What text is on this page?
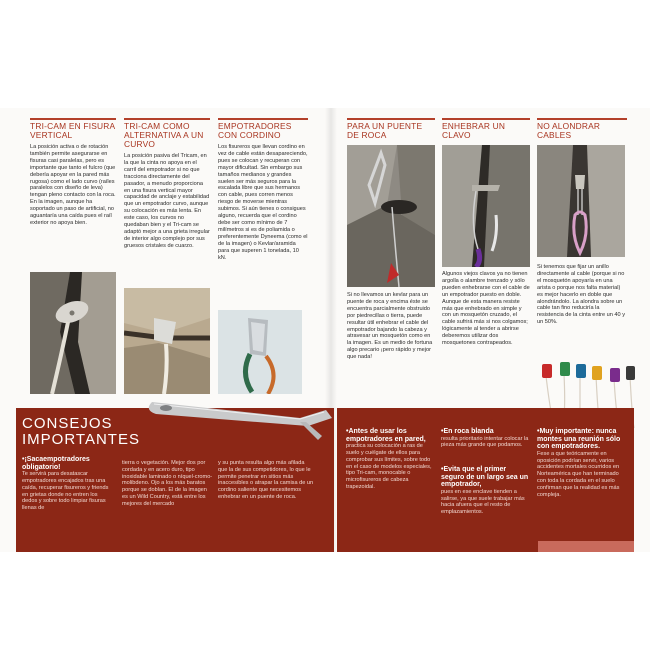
TRI-CAM EN FISURA VERTICAL

La posición activa o de rotación también permite asegurarse en fisuras casi paralelas, pero es importante que tanto el fulcro (que debería apoyar en la pared más rugosa) como el lado curvo (raíles paralelos con diseño de leva) tengan pleno contacto con la roca. En la imagen, aunque ha soportado un paso de artificial, no aguantaría una caída pues el raíl exterior no apoya bien.

TRI-CAM COMO ALTERNATIVA A UN CURVO

La posición pasiva del Tricam, en la que la cinta no apoya en el carril del empotrador si no que tracciona directamente del pasador, a menudo proporciona en una fisura vertical mayor capacidad de anclaje y estabilidad que un empotrador curvo, aunque su colocación es más lenta. En este caso, los curvos no quedaban bien y el Tri-cam se adaptó mejor a una grieta irregular de interior algo complejo por sus gruesos cristales de cuarzo.

EMPOTRADORES CON CORDINO

Los fisureros que llevan cordino en vez de cable están desapareciendo, pues se colocan y recuperan con mayor dificultad. Sin embargo sus tamaños medianos y grandes suelen ser más seguros para la escalada libre que sus hermanos con cable, pues corren menos riesgo de moverse mientras subimos. Si aún tienes o consigues alguno, recuerda que el cordino debe ser como mínimo de 7 milímetros si es de poliamida o preferentemente Dyneema (como el de la imagen) o Kevlar/aramida para que superen 1 tonelada, 10 kN.

PARA UN PUENTE DE ROCA

Si no llevamos un kevlar para un puente de roca y encima éste se encuentra parcialmente obstruido por piedrecillas o tierra, puede resultar útil enhebrar el cable del empotrador bajando la cabeza y atravesar un mosquetón como en la imagen. Es un medio de fortuna algo precario ¡pero rápido y mejor que nada!

ENHEBRAR UN CLAVO

Algunos viejos clavos ya no tienen argolla o alambre trenzado y sólo pueden enhebrarse con el cable de un empotrador puesto en doble. Aunque de esta manera resiste más que enhebrado en simple y con un mosquetón cruzado, el cable sufrirá más si nos colgamos; lógicamente al tender a abrirse deberemos utilizar dos mosquetones contrapeados.

NO ALONDRAR CABLES

Si tenemos que fijar un anillo directamente al cable (porque si no el mosquetón apoyaría en una arista o porque nos falta material) es mejor hacerlo en doble que alondrándolo. La alondra sobre un cable tan fino reduciría la resistencia de la cinta entre un 40 y un 50%.

CONSEJOS
IMPORTANTES
•¡Sacaempotradores obligatorio!
Te servirá para desatascar empotradores encajados tras una caída, recuperar fisureros y friends en grietas donde no entren los dedos y sobre todo limpiar fisuras llenas de
tierra o vegetación. Mejor dos por cordada y en acero duro, tipo inoxidable laminado o níquel-cromo-molibdeno. Ojo a los más baratos porque se doblan. El de la imagen es un Wild Country, está entre los mejores del mercado
y su punta resulta algo más afilada que la de sus competidores, lo que le permite penetrar en sitios más inaccesibles o atrapar la camisa de un cordino saliente que necesitemos enhebrar en un puente de roca.
•Antes de usar los empotradores en pared,
practica su colocación a ras de suelo y cuélgate de ellos para comprobar sus límites, sobre todo en el caso de modelos especiales, tipo Tri-cam, monocable o microfisureros de cabeza trapezoidal.
•En roca blanda
resulta prioritario intentar colocar la pieza más grande que podamos.
•Evita que el primer seguro de un largo sea un empotrador,
pues en ese enclave tienden a salirse, ya que suele trabajar más hacia afuera que el resto de emplazamientos.
•Muy importante: nunca montes una reunión sólo con empotradores.
Fese a que teóricamente en oposición podrían servir, varios accidentes mortales ocurridos en Norteamérica que han terminado con toda la cordada en el suelo confirman que la realidad es más compleja.
